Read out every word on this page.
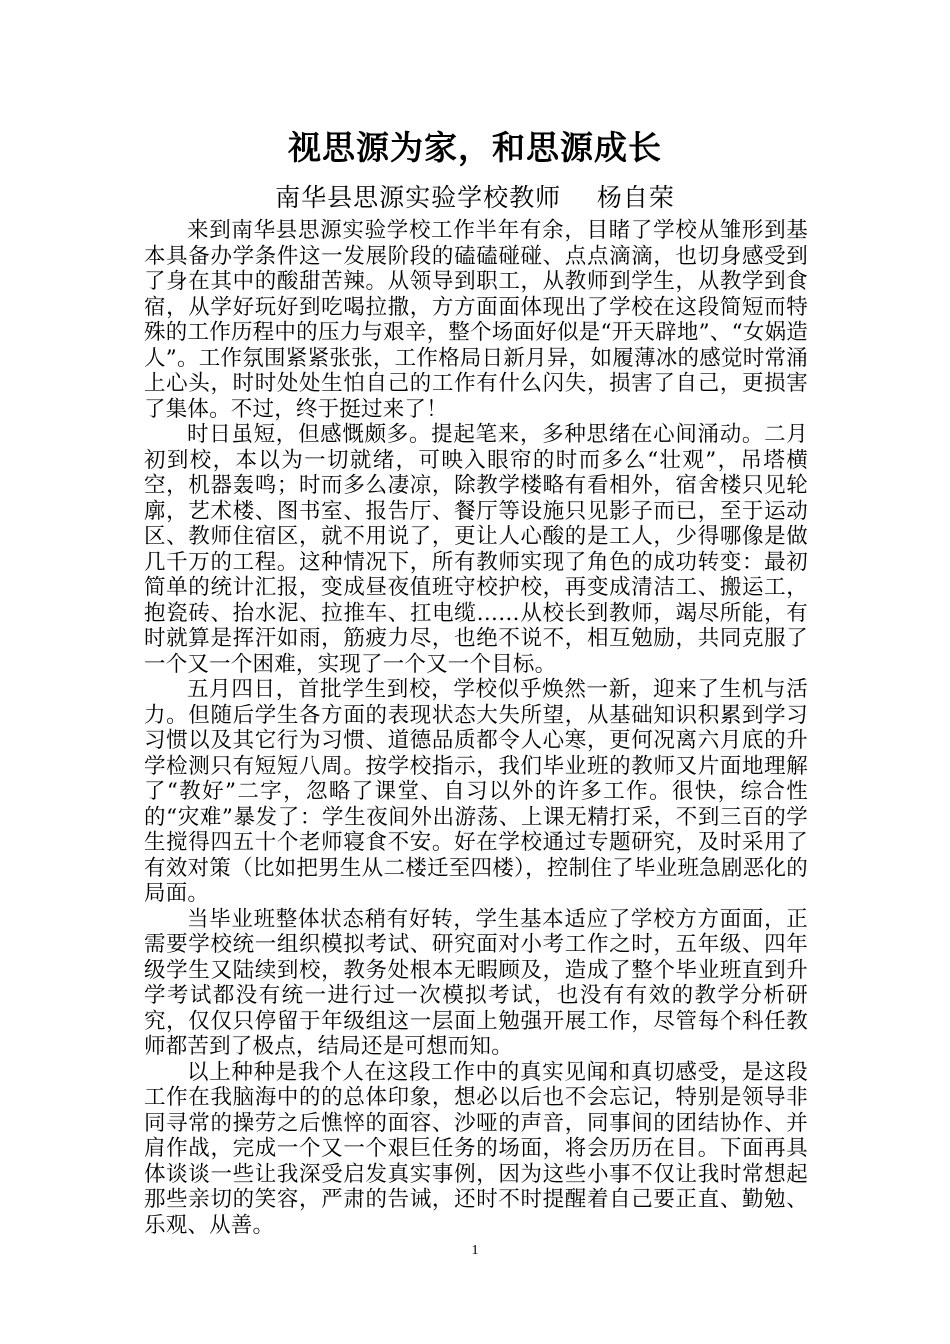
视思源为家，和思源成长
南华县思源实验学校教师    杨自荣

来到南华县思源实验学校工作半年有余，目睹了学校从雏形到基本具备办学条件这一发展阶段的磕磕碰碰、点点滴滴，也切身感受到了身在其中的酸甜苦辣。从领导到职工，从教师到学生，从教学到食宿，从学好玩好到吃喝拉撒，方方面面体现出了学校在这段简短而特殊的工作历程中的压力与艰辛，整个场面好似是“开天辟地”、“女娲造人”。工作氛围紧紧张张，工作格局日新月异，如履薄冰的感觉时常涌上心头，时时处处生怕自己的工作有什么闪失，损害了自己，更损害了集体。不过，终于挺过来了！

时日虽短，但感慨颇多。提起笔来，多种思绪在心间涌动。二月初到校，本以为一切就绪，可映入眼帘的时而多么“壮观”，吊塔横空，机器轰鸣；时而多么凄凉，除教学楼略有看相外，宿舍楼只见轮廓，艺术楼、图书室、报告厅、餐厅等设施只见影子而已，至于运动区、教师住宿区，就不用说了，更让人心酸的是工人，少得哪像是做几千万的工程。这种情况下，所有教师实现了角色的成功转变：最初简单的统计汇报，变成昼夜值班守校护校，再变成清洁工、搬运工，抱瓷砖、抬水泥、拉推车、扛电缆……从校长到教师，竭尽所能，有时就算是挥汗如雨，筋疲力尽，也绝不说不，相互勉励，共同克服了一个又一个困难，实现了一个又一个目标。

五月四日，首批学生到校，学校似乎焕然一新，迎来了生机与活力。但随后学生各方面的表现状态大失所望，从基础知识积累到学习习惯以及其它行为习惯、道德品质都令人心寒，更何况离六月底的升学检测只有短短八周。按学校指示，我们毕业班的教师又片面地理解了“教好”二字，忽略了课堂、自习以外的许多工作。很快，综合性的“灾难”暴发了：学生夜间外出游荡、上课无精打采，不到三百的学生搅得四五十个老师寝食不安。好在学校通过专题研究，及时采用了有效对策（比如把男生从二楼迁至四楼），控制住了毕业班急剧恶化的局面。

当毕业班整体状态稍有好转，学生基本适应了学校方方面面，正需要学校统一组织模拟考试、研究面对小考工作之时，五年级、四年级学生又陆续到校，教务处根本无暇顾及，造成了整个毕业班直到升学考试都没有统一进行过一次模拟考试，也没有有效的教学分析研究，仅仅只停留于年级组这一层面上勉强开展工作，尽管每个科任教师都苦到了极点，结局还是可想而知。

以上种种是我个人在这段工作中的真实见闻和真切感受，是这段工作在我脑海中的的总体印象，想必以后也不会忘记，特别是领导非同寻常的操劳之后憔悴的面容、沙哑的声音，同事间的团结协作、并肩作战，完成一个又一个艰巨任务的场面，将会历历在目。下面再具体谈谈一些让我深受启发真实事例，因为这些小事不仅让我时常想起那些亲切的笑容，严肃的告诫，还时不时提醒着自己要正直、勤勉、乐观、从善。

1
